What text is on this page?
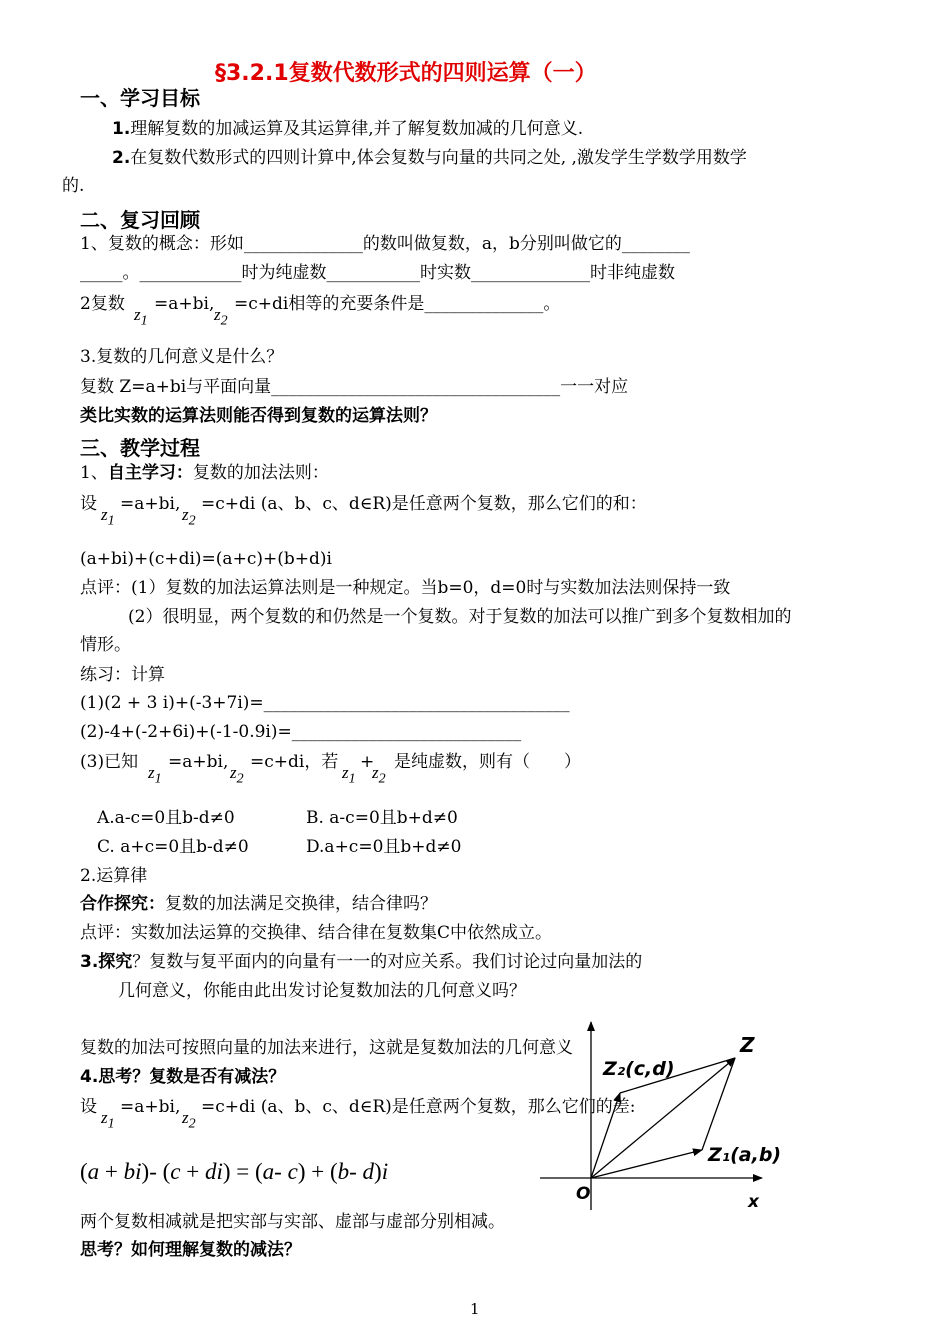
§3.2.1复数代数形式的四则运算（一）
一、学习目标
1.理解复数的加减运算及其运算律,并了解复数加减的几何意义.
2.在复数代数形式的四则计算中,体会复数与向量的共同之处, ,激发学生学数学用数学
的.
二、复习回顾
1、复数的概念：形如______________的数叫做复数，a，b分别叫做它的________
_____。____________时为纯虚数___________时实数______________时非纯虚数
2复数
$z_1$
=a+bi,
$z_2$
=c+di相等的充要条件是______________。
3.复数的几何意义是什么？
复数 Z=a+bi与平面向量__________________________________一一对应
类比实数的运算法则能否得到复数的运算法则？
三、教学过程
1、自主学习：复数的加法法则：
设
$z_1$
=a+bi,
$z_2$
=c+di (a、b、c、d∈R)是任意两个复数，那么它们的和：
(a+bi)+(c+di)=(a+c)+(b+d)i
点评：(1）复数的加法运算法则是一种规定。当b=0，d=0时与实数加法法则保持一致
(2）很明显，两个复数的和仍然是一个复数。对于复数的加法可以推广到多个复数相加的
情形。
练习：计算
(1)(2 + 3 i)+(-3+7i)=____________________________________
(2)-4+(-2+6i)+(-1-0.9i)=___________________________
(3)已知
$z_1$
=a+bi,
$z_2$
=c+di，若
$z_1$
+
$z_2$
是纯虚数，则有（　　）
A.a-c=0且b-d≠0	B. a-c=0且b+d≠0
C. a+c=0且b-d≠0	D.a+c=0且b+d≠0
2.运算律
合作探究：复数的加法满足交换律，结合律吗？
点评：实数加法运算的交换律、结合律在复数集C中依然成立。
3.探究？复数与复平面内的向量有一一的对应关系。我们讨论过向量加法的
几何意义，你能由此出发讨论复数加法的几何意义吗？
复数的加法可按照向量的加法来进行，这就是复数加法的几何意义
4.思考？复数是否有减法？
设
$z_1$
=a+bi,
$z_2$
=c+di (a、b、c、d∈R)是任意两个复数，那么它们的差:
(a + bi)- (c + di) = (a- c) + (b- d)i
两个复数相减就是把实部与实部、虚部与虚部分别相减。
思考？如何理解复数的减法？
Z
Z₂(c,d)
Z₁(a,b)
O	x
1
